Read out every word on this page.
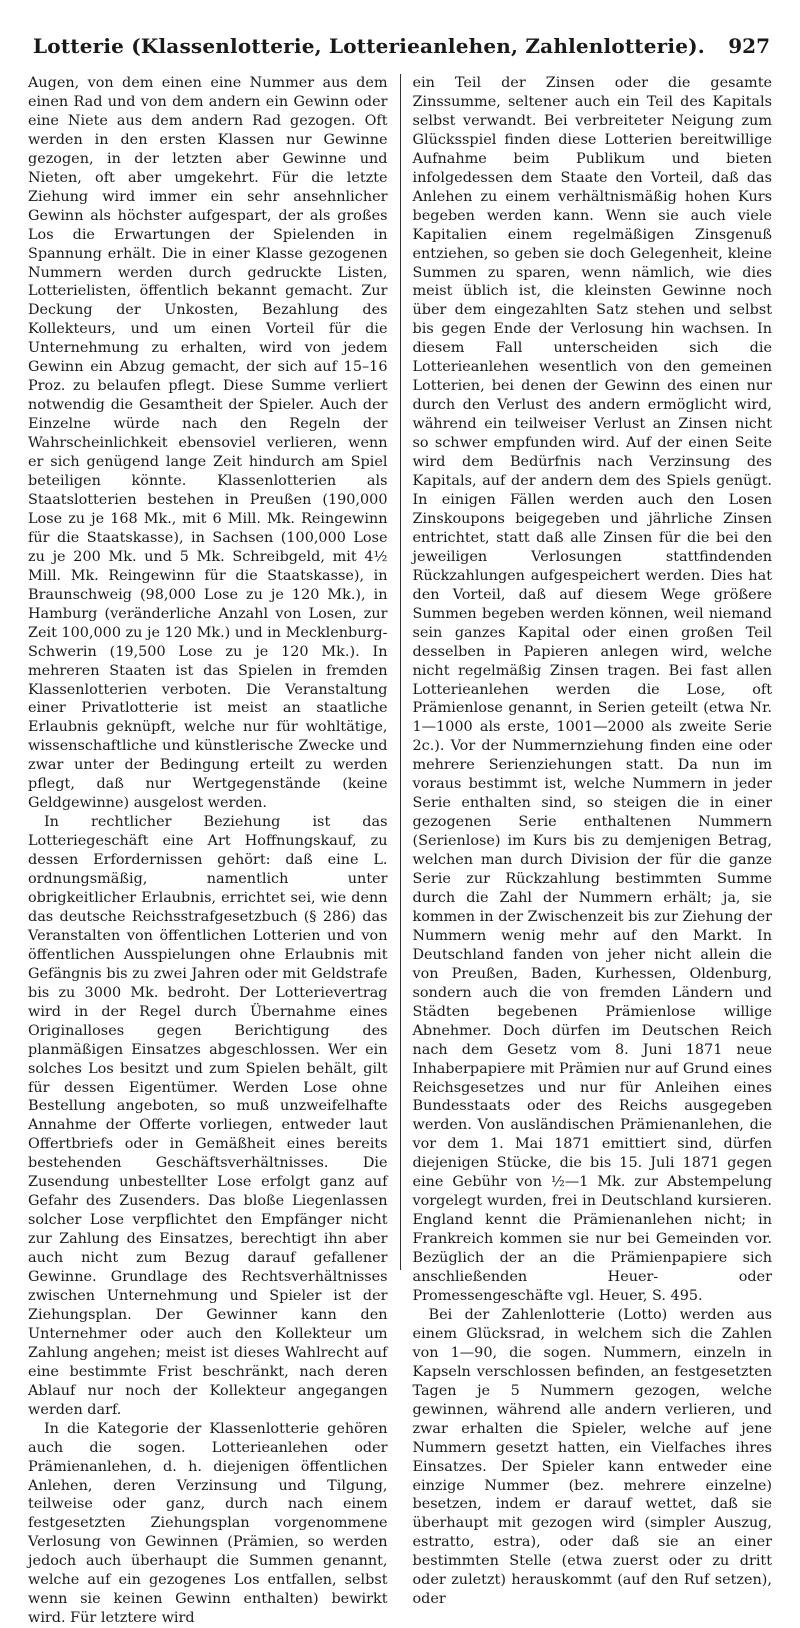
Lotterie (Klassenlotterie, Lotterieanlehen, Zahlenlotterie). 927

Augen, von dem einen eine Nummer aus dem einen Rad und von dem andern ein Gewinn oder eine Niete aus dem andern Rad gezogen. Oft werden in den ersten Klassen nur Gewinne gezogen, in der letzten aber Gewinne und Nieten, oft aber umgekehrt. Für die letzte Ziehung wird immer ein sehr ansehnlicher Gewinn als höchster aufgespart, der als großes Los die Erwartungen der Spielenden in Spannung erhält. Die in einer Klasse gezogenen Nummern werden durch gedruckte Listen, Lotterielisten, öffentlich bekannt gemacht. Zur Deckung der Unkosten, Bezahlung des Kollekteurs, und um einen Vorteil für die Unternehmung zu erhalten, wird von jedem Gewinn ein Abzug gemacht, der sich auf 15–16 Proz. zu belaufen pflegt. Diese Summe verliert notwendig die Gesamtheit der Spieler. Auch der Einzelne würde nach den Regeln der Wahrscheinlichkeit ebensoviel verlieren, wenn er sich genügend lange Zeit hindurch am Spiel beteiligen könnte. Klassenlotterien als Staatslotterien bestehen in Preußen (190,000 Lose zu je 168 Mk., mit 6 Mill. Mk. Reingewinn für die Staatskasse), in Sachsen (100,000 Lose zu je 200 Mk. und 5 Mk. Schreibgeld, mit 4½ Mill. Mk. Reingewinn für die Staatskasse), in Braunschweig (98,000 Lose zu je 120 Mk.), in Hamburg (veränderliche Anzahl von Losen, zur Zeit 100,000 zu je 120 Mk.) und in Mecklenburg-Schwerin (19,500 Lose zu je 120 Mk.). In mehreren Staaten ist das Spielen in fremden Klassenlotterien verboten. Die Veranstaltung einer Privatlotterie ist meist an staatliche Erlaubnis geknüpft, welche nur für wohltätige, wissenschaftliche und künstlerische Zwecke und zwar unter der Bedingung erteilt zu werden pflegt, daß nur Wertgegenstände (keine Geldgewinne) ausgelost werden.

In rechtlicher Beziehung ist das Lotteriegeschäft eine Art Hoffnungskauf, zu dessen Erfordernissen gehört: daß eine L. ordnungsmäßig, namentlich unter obrigkeitlicher Erlaubnis, errichtet sei, wie denn das deutsche Reichsstrafgesetzbuch (§ 286) das Veranstalten von öffentlichen Lotterien und von öffentlichen Ausspielungen ohne Erlaubnis mit Gefängnis bis zu zwei Jahren oder mit Geldstrafe bis zu 3000 Mk. bedroht. Der Lotterievertrag wird in der Regel durch Übernahme eines Originalloses gegen Berichtigung des planmäßigen Einsatzes abgeschlossen. Wer ein solches Los besitzt und zum Spielen behält, gilt für dessen Eigentümer. Werden Lose ohne Bestellung angeboten, so muß unzweifelhafte Annahme der Offerte vorliegen, entweder laut Offertbriefs oder in Gemäßheit eines bereits bestehenden Geschäftsverhältnisses. Die Zusendung unbestellter Lose erfolgt ganz auf Gefahr des Zusenders. Das bloße Liegenlassen solcher Lose verpflichtet den Empfänger nicht zur Zahlung des Einsatzes, berechtigt ihn aber auch nicht zum Bezug darauf gefallener Gewinne. Grundlage des Rechtsverhältnisses zwischen Unternehmung und Spieler ist der Ziehungsplan. Der Gewinner kann den Unternehmer oder auch den Kollekteur um Zahlung angehen; meist ist dieses Wahlrecht auf eine bestimmte Frist beschränkt, nach deren Ablauf nur noch der Kollekteur angegangen werden darf.

In die Kategorie der Klassenlotterie gehören auch die sogen. Lotterieanlehen oder Prämienanlehen, d. h. diejenigen öffentlichen Anlehen, deren Verzinsung und Tilgung, teilweise oder ganz, durch nach einem festgesetzten Ziehungsplan vorgenommene Verlosung von Gewinnen (Prämien, so werden jedoch auch überhaupt die Summen genannt, welche auf ein gezogenes Los entfallen, selbst wenn sie keinen Gewinn enthalten) bewirkt wird. Für letztere wird

ein Teil der Zinsen oder die gesamte Zinssumme, seltener auch ein Teil des Kapitals selbst verwandt. Bei verbreiteter Neigung zum Glücksspiel finden diese Lotterien bereitwillige Aufnahme beim Publikum und bieten infolgedessen dem Staate den Vorteil, daß das Anlehen zu einem verhältnismäßig hohen Kurs begeben werden kann. Wenn sie auch viele Kapitalien einem regelmäßigen Zinsgenuß entziehen, so geben sie doch Gelegenheit, kleine Summen zu sparen, wenn nämlich, wie dies meist üblich ist, die kleinsten Gewinne noch über dem eingezahlten Satz stehen und selbst bis gegen Ende der Verlosung hin wachsen. In diesem Fall unterscheiden sich die Lotterieanlehen wesentlich von den gemeinen Lotterien, bei denen der Gewinn des einen nur durch den Verlust des andern ermöglicht wird, während ein teilweiser Verlust an Zinsen nicht so schwer empfunden wird. Auf der einen Seite wird dem Bedürfnis nach Verzinsung des Kapitals, auf der andern dem des Spiels genügt. In einigen Fällen werden auch den Losen Zinskoupons beigegeben und jährliche Zinsen entrichtet, statt daß alle Zinsen für die bei den jeweiligen Verlosungen stattfindenden Rückzahlungen aufgespeichert werden. Dies hat den Vorteil, daß auf diesem Wege größere Summen begeben werden können, weil niemand sein ganzes Kapital oder einen großen Teil desselben in Papieren anlegen wird, welche nicht regelmäßig Zinsen tragen. Bei fast allen Lotterieanlehen werden die Lose, oft Prämienlose genannt, in Serien geteilt (etwa Nr. 1—1000 als erste, 1001—2000 als zweite Serie 2c.). Vor der Nummernziehung finden eine oder mehrere Serienziehungen statt. Da nun im voraus bestimmt ist, welche Nummern in jeder Serie enthalten sind, so steigen die in einer gezogenen Serie enthaltenen Nummern (Serienlose) im Kurs bis zu demjenigen Betrag, welchen man durch Division der für die ganze Serie zur Rückzahlung bestimmten Summe durch die Zahl der Nummern erhält; ja, sie kommen in der Zwischenzeit bis zur Ziehung der Nummern wenig mehr auf den Markt. In Deutschland fanden von jeher nicht allein die von Preußen, Baden, Kurhessen, Oldenburg, sondern auch die von fremden Ländern und Städten begebenen Prämienlose willige Abnehmer. Doch dürfen im Deutschen Reich nach dem Gesetz vom 8. Juni 1871 neue Inhaberpapiere mit Prämien nur auf Grund eines Reichsgesetzes und nur für Anleihen eines Bundesstaats oder des Reichs ausgegeben werden. Von ausländischen Prämienanlehen, die vor dem 1. Mai 1871 emittiert sind, dürfen diejenigen Stücke, die bis 15. Juli 1871 gegen eine Gebühr von ½—1 Mk. zur Abstempelung vorgelegt wurden, frei in Deutschland kursieren. England kennt die Prämienanlehen nicht; in Frankreich kommen sie nur bei Gemeinden vor. Bezüglich der an die Prämienpapiere sich anschließenden Heuer- oder Promessengeschäfte vgl. Heuer, S. 495.

Bei der Zahlenlotterie (Lotto) werden aus einem Glücksrad, in welchem sich die Zahlen von 1—90, die sogen. Nummern, einzeln in Kapseln verschlossen befinden, an festgesetzten Tagen je 5 Nummern gezogen, welche gewinnen, während alle andern verlieren, und zwar erhalten die Spieler, welche auf jene Nummern gesetzt hatten, ein Vielfaches ihres Einsatzes. Der Spieler kann entweder eine einzige Nummer (bez. mehrere einzelne) besetzen, indem er darauf wettet, daß sie überhaupt mit gezogen wird (simpler Auszug, estratto, estra), oder daß sie an einer bestimmten Stelle (etwa zuerst oder zu dritt oder zuletzt) herauskommt (auf den Ruf setzen), oder
